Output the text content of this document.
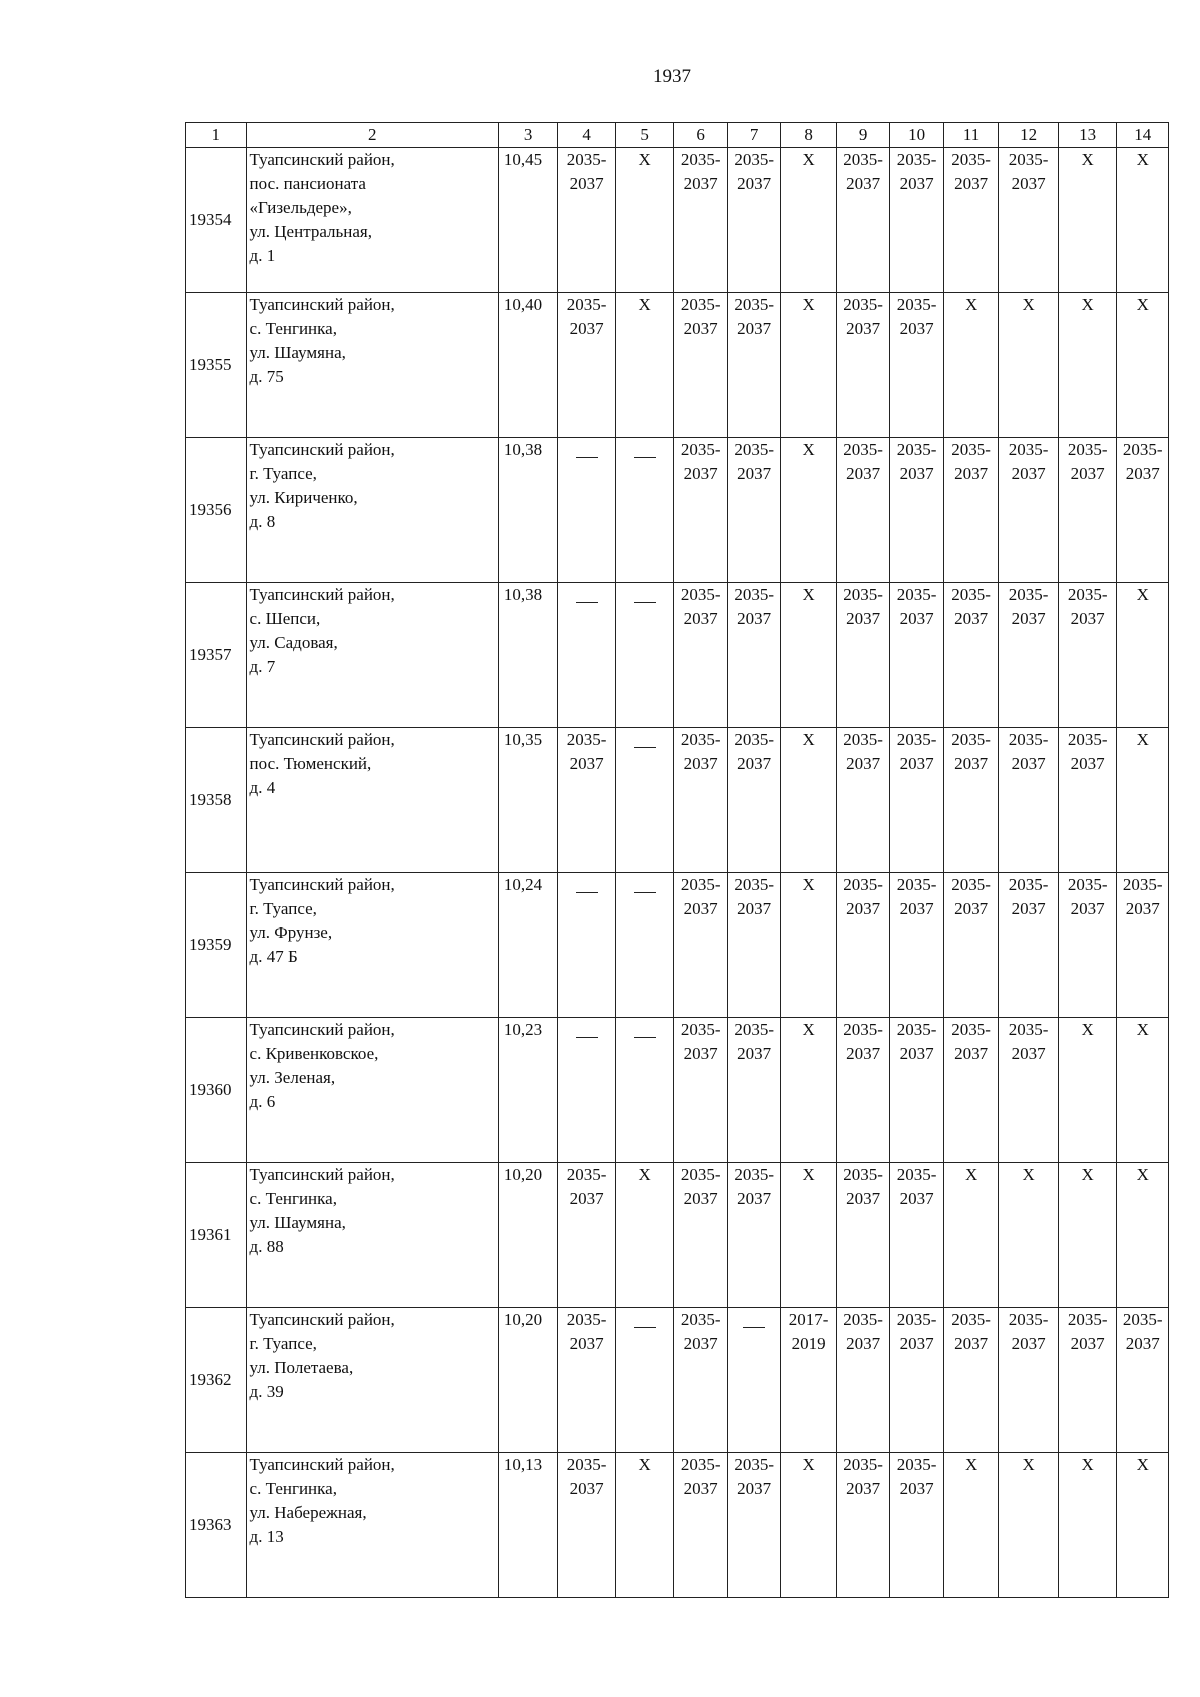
1937
1	2	3	4	5	6	7	8	9	10	11	12	13	14
19354	Туапсинский район,
пос. пансионата
«Гизельдере»,
ул. Центральная,
д. 1	10,45	2035-
2037	X	2035-
2037	2035-
2037	X	2035-
2037	2035-
2037	2035-
2037	2035-
2037	X	X
19355	Туапсинский район,
с. Тенгинка,
ул. Шаумяна,
д. 75	10,40	2035-
2037	X	2035-
2037	2035-
2037	X	2035-
2037	2035-
2037	X	X	X	X
19356	Туапсинский район,
г. Туапсе,
ул. Кириченко,
д. 8	10,38			2035-
2037	2035-
2037	X	2035-
2037	2035-
2037	2035-
2037	2035-
2037	2035-
2037	2035-
2037

19357	Туапсинский район,
с. Шепси,
ул. Садовая,
д. 7	10,38			2035-
2037	2035-
2037	X	2035-
2037	2035-
2037	2035-
2037	2035-
2037	2035-
2037	X
19358	Туапсинский район,
пос. Тюменский,
д. 4	10,35	2035-
2037		2035-
2037	2035-
2037	X	2035-
2037	2035-
2037	2035-
2037	2035-
2037	2035-
2037	X
19359	Туапсинский район,
г. Туапсе,
ул. Фрунзе,
д. 47 Б	10,24			2035-
2037	2035-
2037	X	2035-
2037	2035-
2037	2035-
2037	2035-
2037	2035-
2037	2035-
2037

19360	Туапсинский район,
с. Кривенковское,
ул. Зеленая,
д. 6	10,23			2035-
2037	2035-
2037	X	2035-
2037	2035-
2037	2035-
2037	2035-
2037	X	X
19361	Туапсинский район,
с. Тенгинка,
ул. Шаумяна,
д. 88	10,20	2035-
2037	X	2035-
2037	2035-
2037	X	2035-
2037	2035-
2037	X	X	X	X
19362	Туапсинский район,
г. Туапсе,
ул. Полетаева,
д. 39	10,20	2035-
2037		2035-
2037		2017-
2019	2035-
2037	2035-
2037	2035-
2037	2035-
2037	2035-
2037	2035-
2037

19363	Туапсинский район,
с. Тенгинка,
ул. Набережная,
д. 13	10,13	2035-
2037	X	2035-
2037	2035-
2037	X	2035-
2037	2035-
2037	X	X	X	X
